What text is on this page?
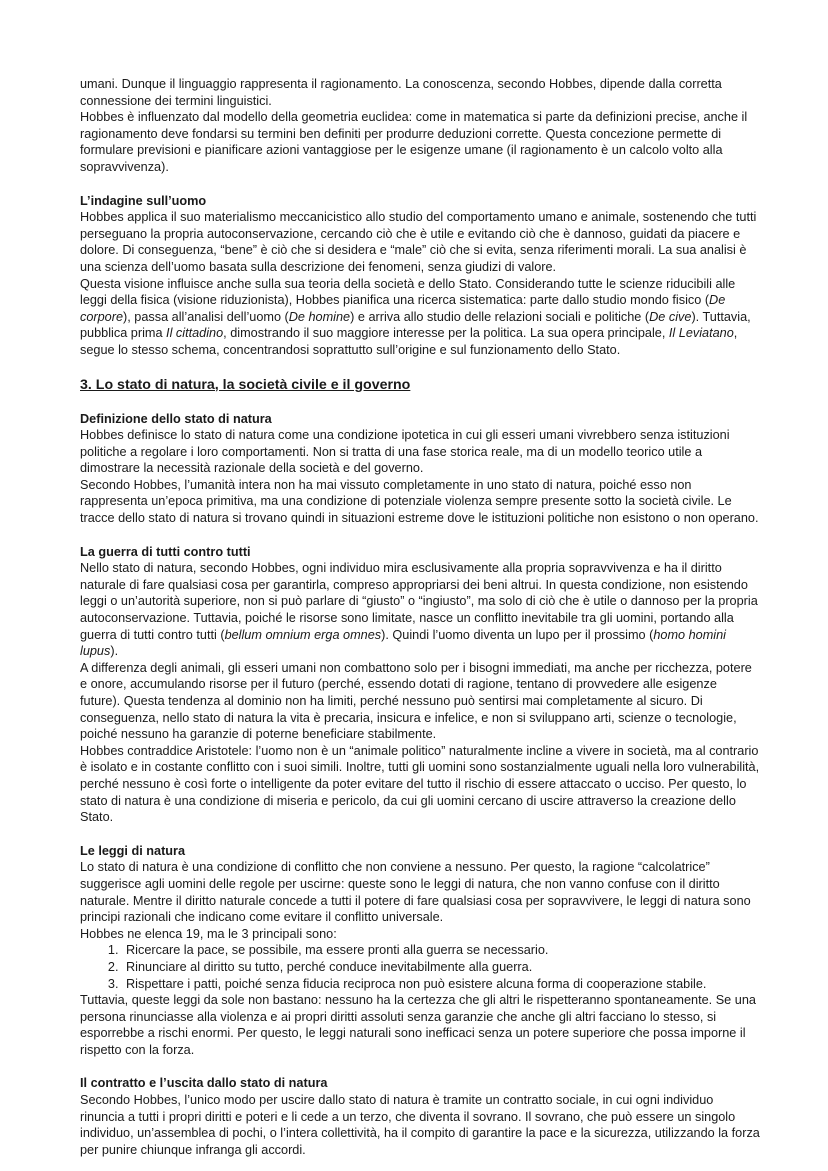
umani. Dunque il linguaggio rappresenta il ragionamento. La conoscenza, secondo Hobbes, dipende dalla corretta connessione dei termini linguistici.

Hobbes è influenzato dal modello della geometria euclidea: come in matematica si parte da definizioni precise, anche il ragionamento deve fondarsi su termini ben definiti per produrre deduzioni corrette. Questa concezione permette di formulare previsioni e pianificare azioni vantaggiose per le esigenze umane (il ragionamento è un calcolo volto alla sopravvivenza).

L’indagine sull’uomo

Hobbes applica il suo materialismo meccanicistico allo studio del comportamento umano e animale, sostenendo che tutti perseguano la propria autoconservazione, cercando ciò che è utile e evitando ciò che è dannoso, guidati da piacere e dolore. Di conseguenza, “bene” è ciò che si desidera e “male” ciò che si evita, senza riferimenti morali. La sua analisi è una scienza dell’uomo basata sulla descrizione dei fenomeni, senza giudizi di valore.

Questa visione influisce anche sulla sua teoria della società e dello Stato. Considerando tutte le scienze riducibili alle leggi della fisica (visione riduzionista), Hobbes pianifica una ricerca sistematica: parte dallo studio mondo fisico (De corpore), passa all’analisi dell’uomo (De homine) e arriva allo studio delle relazioni sociali e politiche (De cive). Tuttavia, pubblica prima Il cittadino, dimostrando il suo maggiore interesse per la politica. La sua opera principale, Il Leviatano, segue lo stesso schema, concentrandosi soprattutto sull’origine e sul funzionamento dello Stato.

3. Lo stato di natura, la società civile e il governo

Definizione dello stato di natura

Hobbes definisce lo stato di natura come una condizione ipotetica in cui gli esseri umani vivrebbero senza istituzioni politiche a regolare i loro comportamenti. Non si tratta di una fase storica reale, ma di un modello teorico utile a dimostrare la necessità razionale della società e del governo.

Secondo Hobbes, l’umanità intera non ha mai vissuto completamente in uno stato di natura, poiché esso non rappresenta un’epoca primitiva, ma una condizione di potenziale violenza sempre presente sotto la società civile. Le tracce dello stato di natura si trovano quindi in situazioni estreme dove le istituzioni politiche non esistono o non operano.

La guerra di tutti contro tutti

Nello stato di natura, secondo Hobbes, ogni individuo mira esclusivamente alla propria sopravvivenza e ha il diritto naturale di fare qualsiasi cosa per garantirla, compreso appropriarsi dei beni altrui. In questa condizione, non esistendo leggi o un’autorità superiore, non si può parlare di “giusto” o “ingiusto”, ma solo di ciò che è utile o dannoso per la propria autoconservazione. Tuttavia, poiché le risorse sono limitate, nasce un conflitto inevitabile tra gli uomini, portando alla guerra di tutti contro tutti (bellum omnium erga omnes). Quindi l’uomo diventa un lupo per il prossimo (homo homini lupus).

A differenza degli animali, gli esseri umani non combattono solo per i bisogni immediati, ma anche per ricchezza, potere e onore, accumulando risorse per il futuro (perché, essendo dotati di ragione, tentano di provvedere alle esigenze future). Questa tendenza al dominio non ha limiti, perché nessuno può sentirsi mai completamente al sicuro. Di conseguenza, nello stato di natura la vita è precaria, insicura e infelice, e non si sviluppano arti, scienze o tecnologie, poiché nessuno ha garanzie di poterne beneficiare stabilmente.

Hobbes contraddice Aristotele: l’uomo non è un “animale politico” naturalmente incline a vivere in società, ma al contrario è isolato e in costante conflitto con i suoi simili. Inoltre, tutti gli uomini sono sostanzialmente uguali nella loro vulnerabilità, perché nessuno è così forte o intelligente da poter evitare del tutto il rischio di essere attaccato o ucciso. Per questo, lo stato di natura è una condizione di miseria e pericolo, da cui gli uomini cercano di uscire attraverso la creazione dello Stato.

Le leggi di natura

Lo stato di natura è una condizione di conflitto che non conviene a nessuno. Per questo, la ragione “calcolatrice” suggerisce agli uomini delle regole per uscirne: queste sono le leggi di natura, che non vanno confuse con il diritto naturale. Mentre il diritto naturale concede a tutti il potere di fare qualsiasi cosa per sopravvivere, le leggi di natura sono principi razionali che indicano come evitare il conflitto universale.

Hobbes ne elenca 19, ma le 3 principali sono:

1. Ricercare la pace, se possibile, ma essere pronti alla guerra se necessario.
2. Rinunciare al diritto su tutto, perché conduce inevitabilmente alla guerra.
3. Rispettare i patti, poiché senza fiducia reciproca non può esistere alcuna forma di cooperazione stabile.

Tuttavia, queste leggi da sole non bastano: nessuno ha la certezza che gli altri le rispetteranno spontaneamente. Se una persona rinunciasse alla violenza e ai propri diritti assoluti senza garanzie che anche gli altri facciano lo stesso, si esporrebbe a rischi enormi. Per questo, le leggi naturali sono inefficaci senza un potere superiore che possa imporne il rispetto con la forza.

Il contratto e l’uscita dallo stato di natura

Secondo Hobbes, l’unico modo per uscire dallo stato di natura è tramite un contratto sociale, in cui ogni individuo rinuncia a tutti i propri diritti e poteri e li cede a un terzo, che diventa il sovrano. Il sovrano, che può essere un singolo individuo, un’assemblea di pochi, o l’intera collettività, ha il compito di garantire la pace e la sicurezza, utilizzando la forza per punire chiunque infranga gli accordi.
